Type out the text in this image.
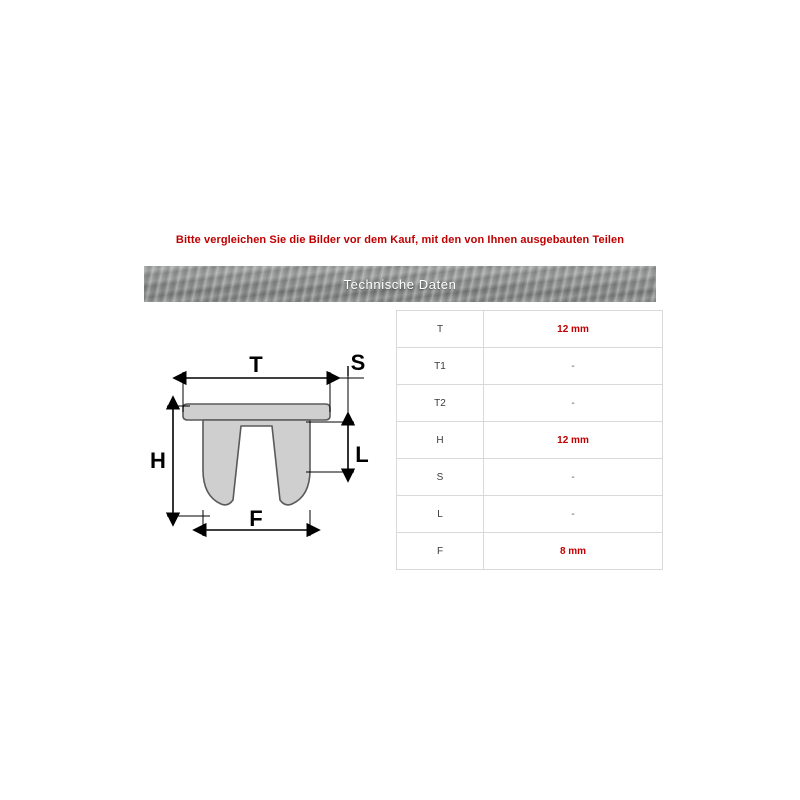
Bitte vergleichen Sie die Bilder vor dem Kauf, mit den von Ihnen ausgebauten Teilen
Technische Daten
T	12 mm
T1	-
T2	-
H	12 mm
S	-
L	-
F	8 mm
T	S
H	L
F
